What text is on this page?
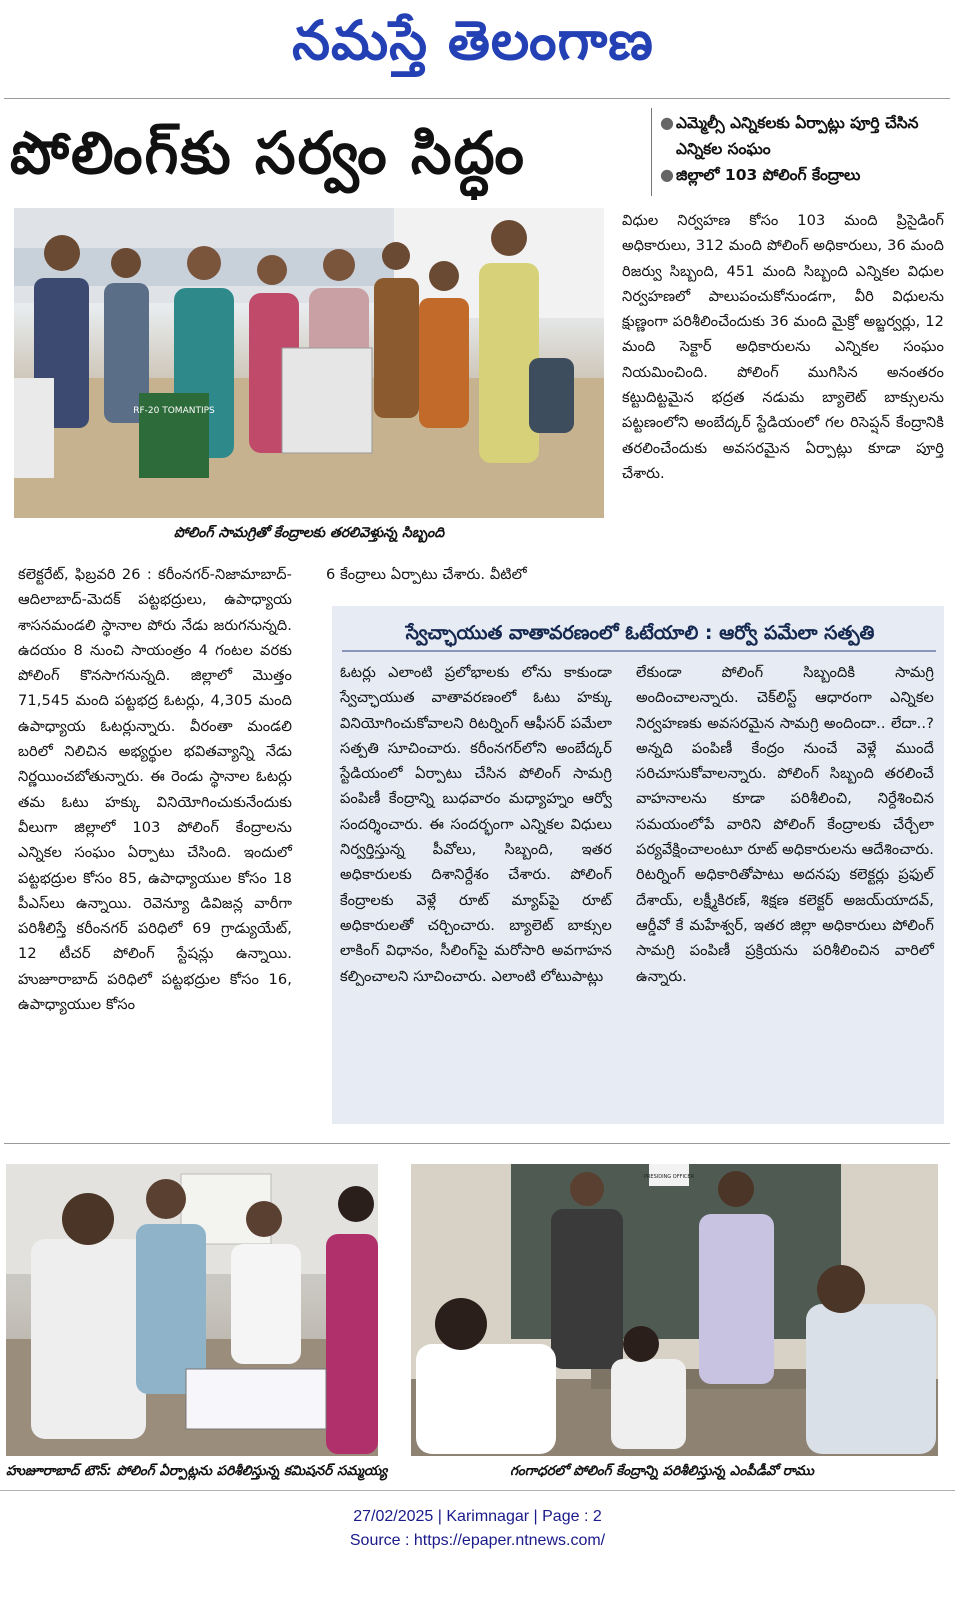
నమస్తే తెలంగాణ
పోలింగ్‌కు సర్వం సిద్ధం	● ఎమ్మెల్సీ ఎన్నికలకు ఏర్పాట్లు పూర్తి చేసిన ఎన్నికల సంఘం
● జిల్లాలో 103 పోలింగ్ కేంద్రాలు
RF-20 TOMANTIPS
పోలింగ్ సామగ్రితో కేంద్రాలకు తరలివెళ్తున్న సిబ్బంది
విధుల నిర్వహణ కోసం 103 మంది ప్రిసైడింగ్ అధికారులు, 312 మంది పోలింగ్ అధికారులు, 36 మంది రిజర్వు సిబ్బంది, 451 మంది సిబ్బంది ఎన్నికల విధుల నిర్వహణలో పాలుపంచుకోనుండగా, వీరి విధులను క్షుణ్ణంగా పరిశీలించేందుకు 36 మంది మైక్రో అబ్జర్వర్లు, 12 మంది సెక్టార్ అధికారులను ఎన్నికల సంఘం నియమించింది. పోలింగ్ ముగిసిన అనంతరం కట్టుదిట్టమైన భద్రత నడుమ బ్యాలెట్ బాక్సులను పట్టణంలోని అంబేద్కర్ స్టేడియంలో గల రిసెప్షన్ కేంద్రానికి తరలించేందుకు అవసరమైన ఏర్పాట్లు కూడా పూర్తి చేశారు.
కలెక్టరేట్, ఫిబ్రవరి 26 : కరీంనగర్-నిజామాబాద్-ఆదిలాబాద్-మెదక్ పట్టభద్రులు, ఉపాధ్యాయ శాసనమండలి స్థానాల పోరు నేడు జరుగనున్నది. ఉదయం 8 నుంచి సాయంత్రం 4 గంటల వరకు పోలింగ్ కొనసాగనున్నది. జిల్లాలో మొత్తం 71,545 మంది పట్టభద్ర ఓటర్లు, 4,305 మంది ఉపాధ్యాయ ఓటర్లున్నారు. వీరంతా మండలి బరిలో నిలిచిన అభ్యర్థుల భవితవ్యాన్ని నేడు నిర్ణయించబోతున్నారు. ఈ రెండు స్థానాల ఓటర్లు తమ ఓటు హక్కు వినియోగించుకునేందుకు వీలుగా జిల్లాలో 103 పోలింగ్ కేంద్రాలను ఎన్నికల సంఘం ఏర్పాటు చేసింది. ఇందులో పట్టభద్రుల కోసం 85, ఉపాధ్యాయుల కోసం 18 పీఎస్‌లు ఉన్నాయి. రెవెన్యూ డివిజన్ల వారీగా పరిశీలిస్తే కరీంనగర్ పరిధిలో 69 గ్రాడ్యుయేట్, 12 టీచర్ పోలింగ్ స్టేషన్లు ఉన్నాయి. హుజూరాబాద్ పరిధిలో పట్టభద్రుల కోసం 16, ఉపాధ్యాయుల కోసం
6 కేంద్రాలు ఏర్పాటు చేశారు. వీటిలో
స్వేచ్ఛాయుత వాతావరణంలో ఓటేయాలి : ఆర్వో పమేలా సత్పతి
ఓటర్లు ఎలాంటి ప్రలోభాలకు లోను కాకుండా స్వేచ్ఛాయుత వాతావరణంలో ఓటు హక్కు వినియోగించుకోవాలని రిటర్నింగ్ ఆఫీసర్ పమేలా సత్పతి సూచించారు. కరీంనగర్‌లోని అంబేద్కర్ స్టేడియంలో ఏర్పాటు చేసిన పోలింగ్ సామగ్రి పంపిణీ కేంద్రాన్ని బుధవారం మధ్యాహ్నం ఆర్వో సందర్శించారు. ఈ సందర్భంగా ఎన్నికల విధులు నిర్వర్తిస్తున్న పీవోలు, సిబ్బంది, ఇతర అధికారులకు దిశానిర్దేశం చేశారు. పోలింగ్ కేంద్రాలకు వెళ్లే రూట్ మ్యాప్‌పై రూట్ అధికారులతో చర్చించారు. బ్యాలెట్ బాక్సుల లాకింగ్ విధానం, సీలింగ్‌పై మరోసారి అవగాహన కల్పించాలని సూచించారు. ఎలాంటి లోటుపాట్లు
లేకుండా పోలింగ్ సిబ్బందికి సామగ్రి అందించాలన్నారు. చెక్‌లిస్ట్ ఆధారంగా ఎన్నికల నిర్వహణకు అవసరమైన సామగ్రి అందిందా.. లేదా..? అన్నది పంపిణీ కేంద్రం నుంచే వెళ్లే ముందే సరిచూసుకోవాలన్నారు. పోలింగ్ సిబ్బంది తరలించే వాహనాలను కూడా పరిశీలించి, నిర్దేశించిన సమయంలోపే వారిని పోలింగ్ కేంద్రాలకు చేర్చేలా పర్యవేక్షించాలంటూ రూట్ అధికారులను ఆదేశించారు. రిటర్నింగ్ అధికారితోపాటు అదనపు కలెక్టర్లు ప్రఫుల్ దేశాయ్, లక్ష్మీకిరణ్, శిక్షణ కలెక్టర్ అజయ్‌యాదవ్, ఆర్డీవో కే మహేశ్వర్, ఇతర జిల్లా అధికారులు పోలింగ్ సామగ్రి పంపిణీ ప్రక్రియను పరిశీలించిన వారిలో ఉన్నారు.
PRESIDING OFFICER
హుజూరాబాద్ టౌన్: పోలింగ్ ఏర్పాట్లను పరిశీలిస్తున్న కమిషనర్ సమ్మయ్య	గంగాధరలో పోలింగ్ కేంద్రాన్ని పరిశీలిస్తున్న ఎంపీడీవో రాము
27/02/2025 | Karimnagar | Page : 2
Source : https://epaper.ntnews.com/
